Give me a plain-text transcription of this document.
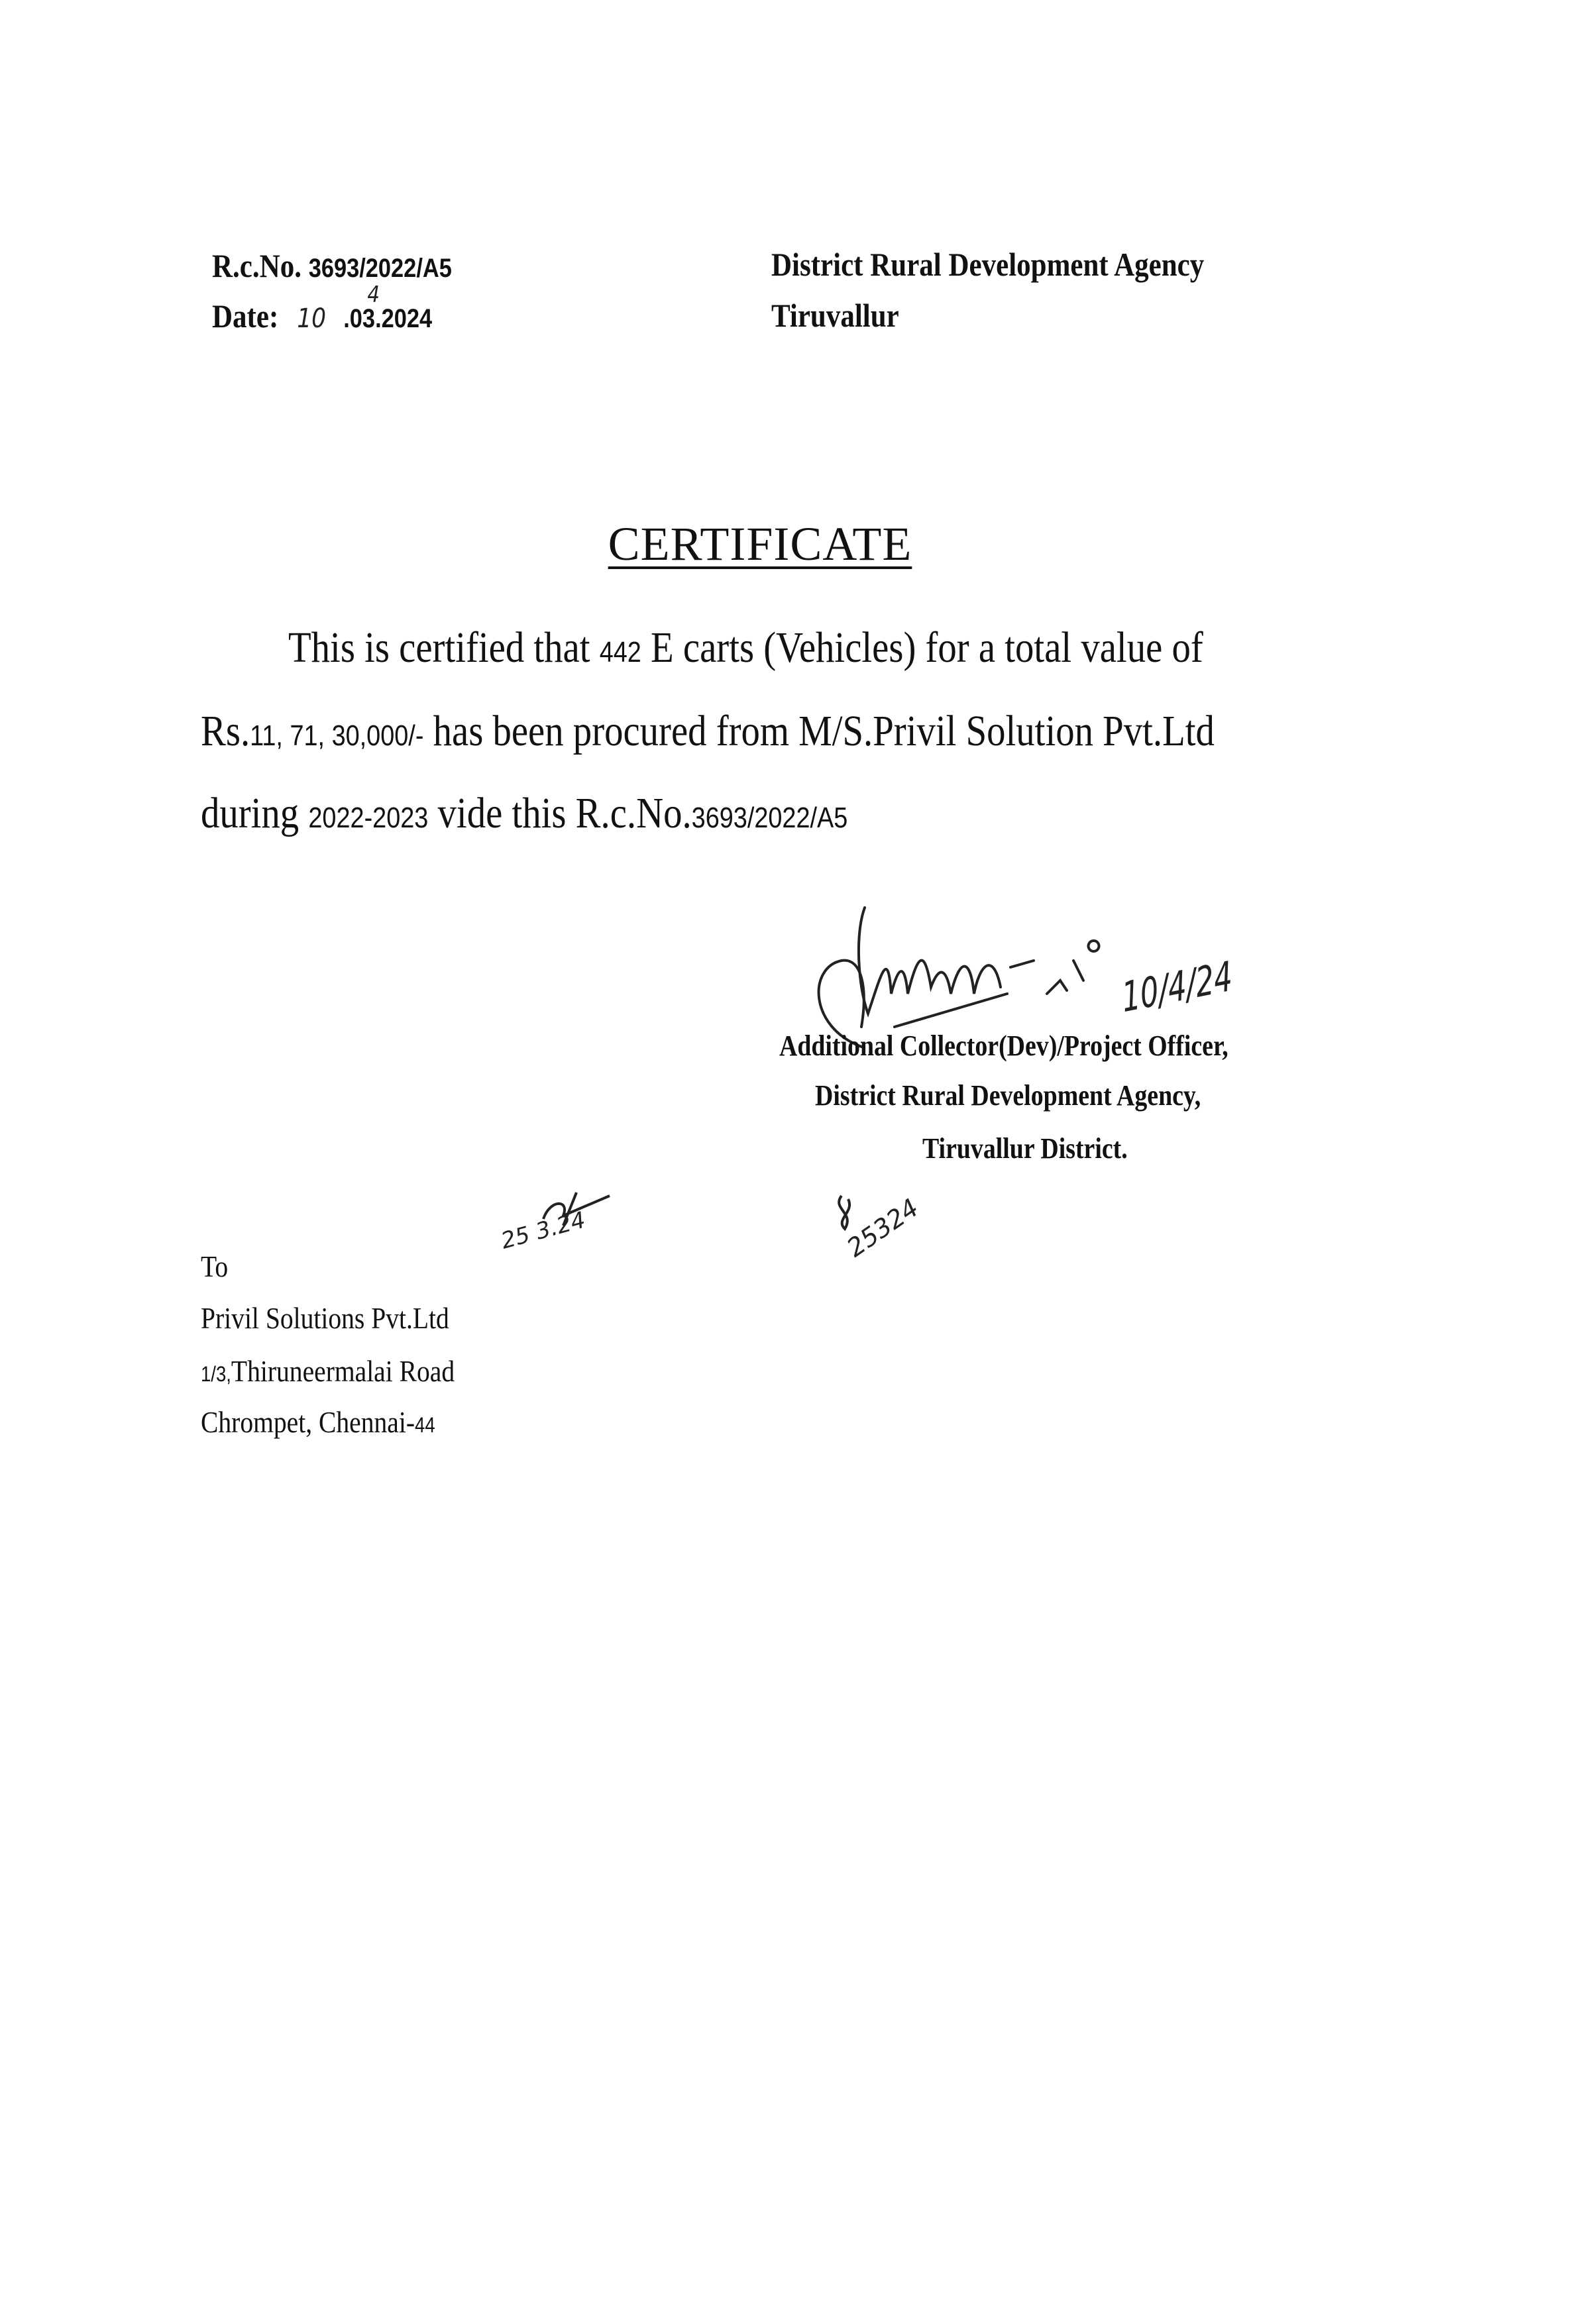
R.c.No. 3693/2022/A5
Date: 10 .03
4
.2024
District Rural Development Agency
Tiruvallur
CERTIFICATE
This is certified that 442 E carts (Vehicles) for a total value of
Rs.11, 71, 30,000/- has been procured from M/S.Privil Solution Pvt.Ltd
during 2022-2023 vide this R.c.No.3693/2022/A5
10/4/24
Additional Collector(Dev)/Project Officer,
District Rural Development Agency,
Tiruvallur District.
25 3.24	25324
To
Privil Solutions Pvt.Ltd
1/3,Thiruneermalai Road
Chrompet, Chennai-44
